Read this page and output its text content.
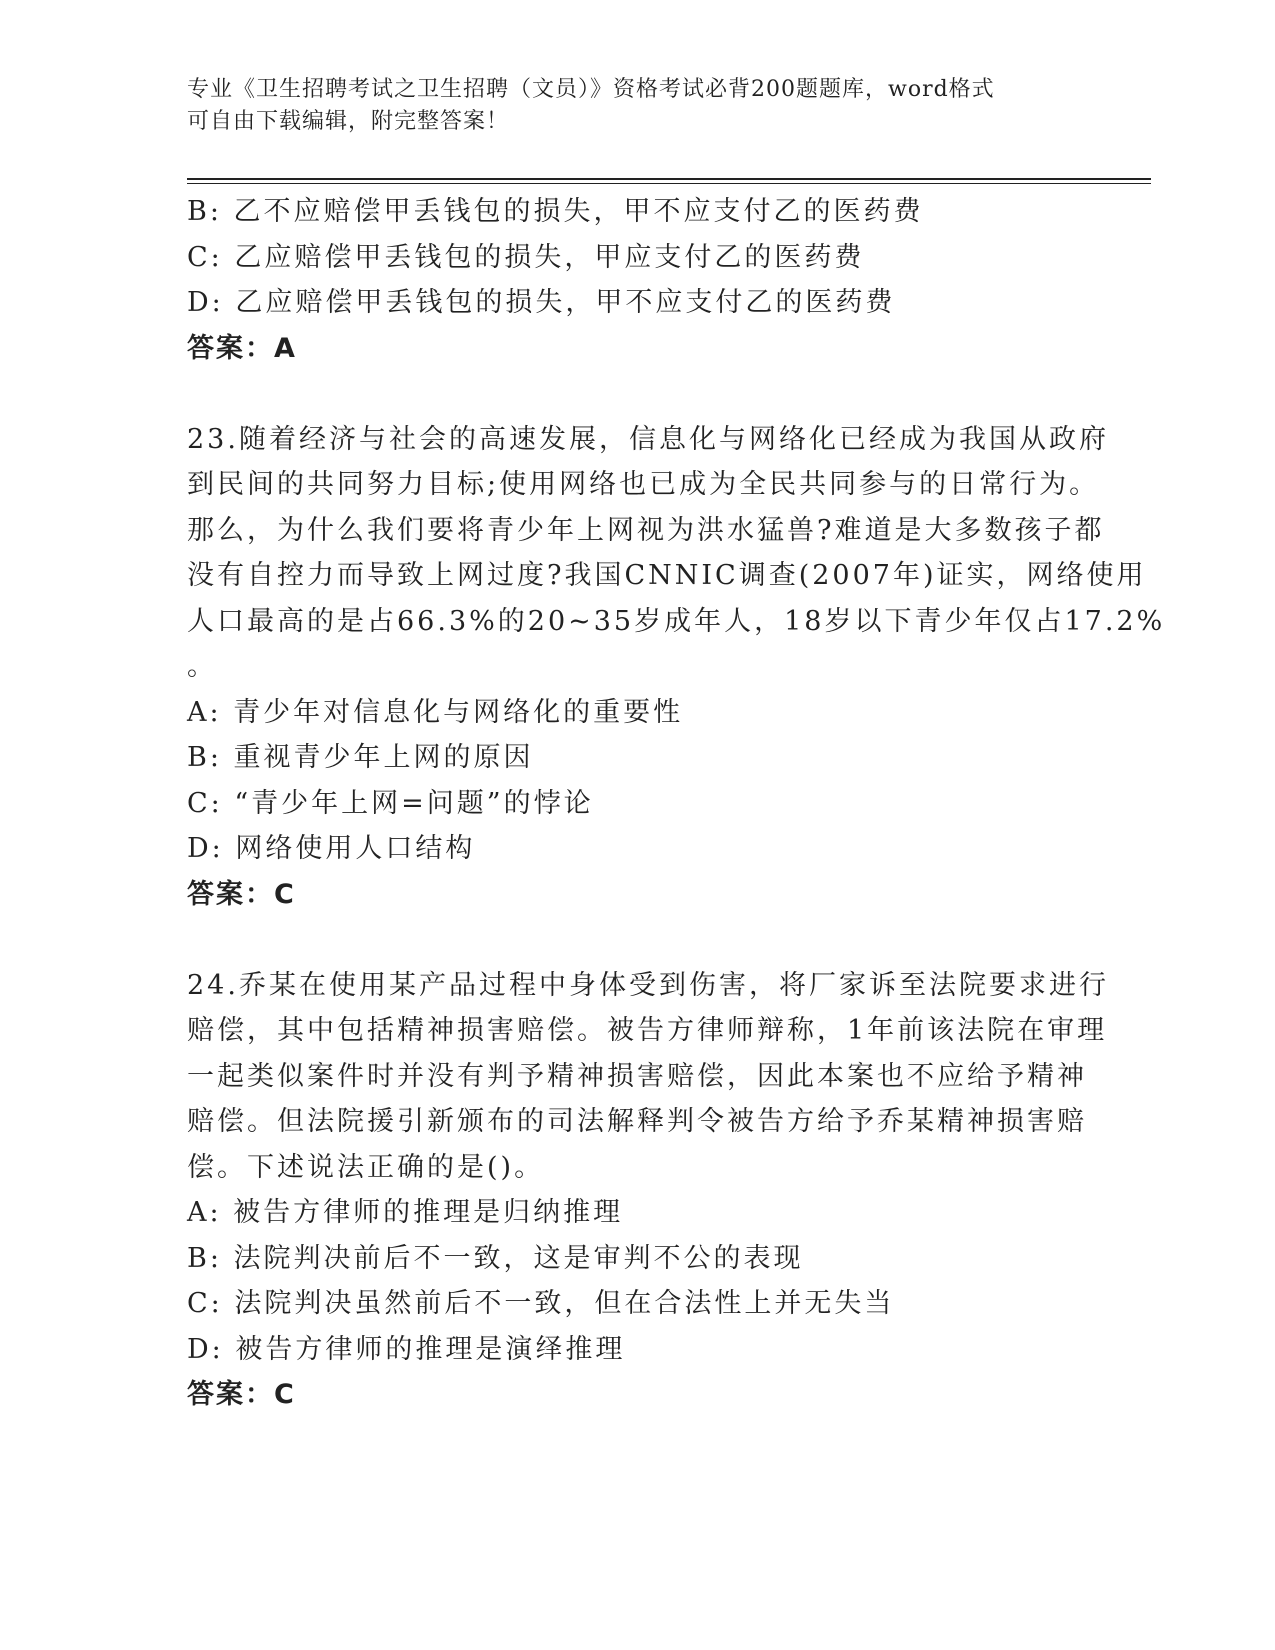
专业《卫生招聘考试之卫生招聘（文员）》资格考试必背200题题库，word格式
可自由下载编辑，附完整答案！
B: 乙不应赔偿甲丢钱包的损失，甲不应支付乙的医药费
C: 乙应赔偿甲丢钱包的损失，甲应支付乙的医药费
D: 乙应赔偿甲丢钱包的损失，甲不应支付乙的医药费
答案：A
23.随着经济与社会的高速发展，信息化与网络化已经成为我国从政府
到民间的共同努力目标;使用网络也已成为全民共同参与的日常行为。
那么，为什么我们要将青少年上网视为洪水猛兽?难道是大多数孩子都
没有自控力而导致上网过度?我国CNNIC调查(2007年)证实，网络使用
人口最高的是占66.3%的20~35岁成年人，18岁以下青少年仅占17.2%
。
A: 青少年对信息化与网络化的重要性
B: 重视青少年上网的原因
C: “青少年上网=问题”的悖论
D: 网络使用人口结构
答案：C
24.乔某在使用某产品过程中身体受到伤害，将厂家诉至法院要求进行
赔偿，其中包括精神损害赔偿。被告方律师辩称，1年前该法院在审理
一起类似案件时并没有判予精神损害赔偿，因此本案也不应给予精神
赔偿。但法院援引新颁布的司法解释判令被告方给予乔某精神损害赔
偿。下述说法正确的是()。
A: 被告方律师的推理是归纳推理
B: 法院判决前后不一致，这是审判不公的表现
C: 法院判决虽然前后不一致，但在合法性上并无失当
D: 被告方律师的推理是演绎推理
答案：C
